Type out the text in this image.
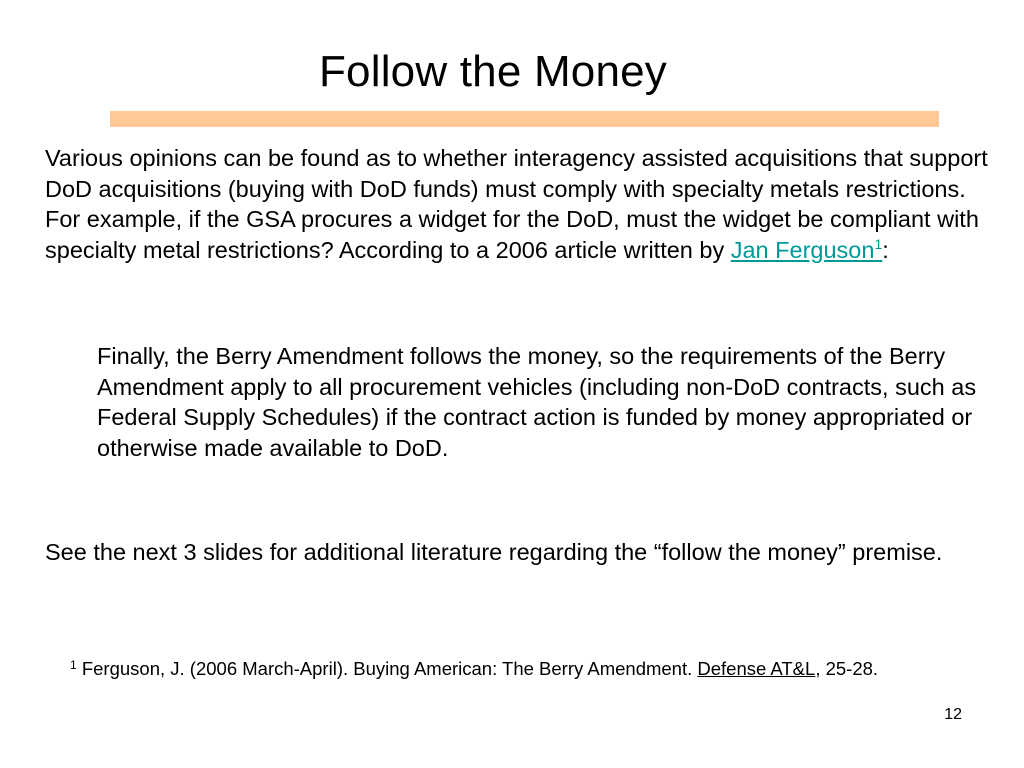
Follow the Money

Various opinions can be found as to whether interagency assisted acquisitions that support DoD acquisitions (buying with DoD funds) must comply with specialty metals restrictions. For example, if the GSA procures a widget for the DoD, must the widget be compliant with specialty metal restrictions? According to a 2006 article written by Jan Ferguson$^1$:

Finally, the Berry Amendment follows the money, so the requirements of the Berry Amendment apply to all procurement vehicles (including non-DoD contracts, such as Federal Supply Schedules) if the contract action is funded by money appropriated or otherwise made available to DoD.

See the next 3 slides for additional literature regarding the “follow the money” premise.

$^1$ Ferguson, J. (2006 March-April). Buying American: The Berry Amendment. Defense AT&L, 25-28.

12
